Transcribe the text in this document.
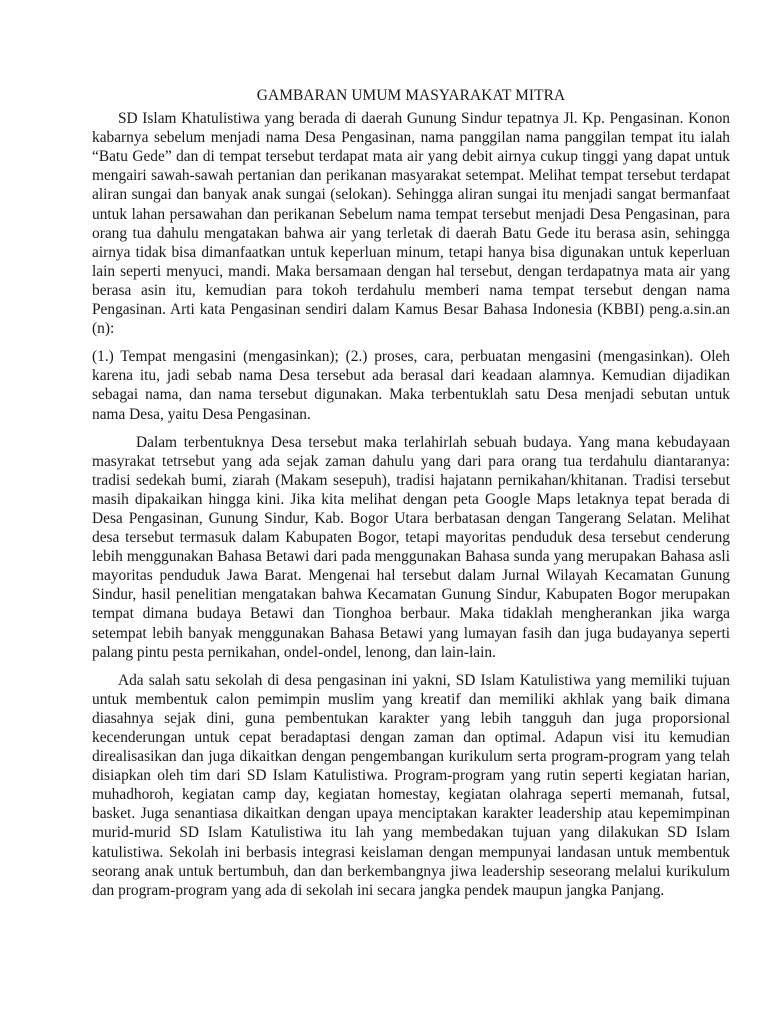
GAMBARAN UMUM MASYARAKAT MITRA

SD Islam Khatulistiwa yang berada di daerah Gunung Sindur tepatnya Jl. Kp. Pengasinan. Konon kabarnya sebelum menjadi nama Desa Pengasinan, nama panggilan nama panggilan tempat itu ialah “Batu Gede” dan di tempat tersebut terdapat mata air yang debit airnya cukup tinggi yang dapat untuk mengairi sawah-sawah pertanian dan perikanan masyarakat setempat. Melihat tempat tersebut terdapat aliran sungai dan banyak anak sungai (selokan). Sehingga aliran sungai itu menjadi sangat bermanfaat untuk lahan persawahan dan perikanan Sebelum nama tempat tersebut menjadi Desa Pengasinan, para orang tua dahulu mengatakan bahwa air yang terletak di daerah Batu Gede itu berasa asin, sehingga airnya tidak bisa dimanfaatkan untuk keperluan minum, tetapi hanya bisa digunakan untuk keperluan lain seperti menyuci, mandi. Maka bersamaan dengan hal tersebut, dengan terdapatnya mata air yang berasa asin itu, kemudian para tokoh terdahulu memberi nama tempat tersebut dengan nama Pengasinan. Arti kata Pengasinan sendiri dalam Kamus Besar Bahasa Indonesia (KBBI) peng.a.sin.an (n):

(1.) Tempat mengasini (mengasinkan); (2.) proses, cara, perbuatan mengasini (mengasinkan). Oleh karena itu, jadi sebab nama Desa tersebut ada berasal dari keadaan alamnya. Kemudian dijadikan sebagai nama, dan nama tersebut digunakan. Maka terbentuklah satu Desa menjadi sebutan untuk nama Desa, yaitu Desa Pengasinan.

Dalam terbentuknya Desa tersebut maka terlahirlah sebuah budaya. Yang mana kebudayaan masyrakat tetrsebut yang ada sejak zaman dahulu yang dari para orang tua terdahulu diantaranya: tradisi sedekah bumi, ziarah (Makam sesepuh), tradisi hajatann pernikahan/khitanan. Tradisi tersebut masih dipakaikan hingga kini. Jika kita melihat dengan peta Google Maps letaknya tepat berada di Desa Pengasinan, Gunung Sindur, Kab. Bogor Utara berbatasan dengan Tangerang Selatan. Melihat desa tersebut termasuk dalam Kabupaten Bogor, tetapi mayoritas penduduk desa tersebut cenderung lebih menggunakan Bahasa Betawi dari pada menggunakan Bahasa sunda yang merupakan Bahasa asli mayoritas penduduk Jawa Barat. Mengenai hal tersebut dalam Jurnal Wilayah Kecamatan Gunung Sindur, hasil penelitian mengatakan bahwa Kecamatan Gunung Sindur, Kabupaten Bogor merupakan tempat dimana budaya Betawi dan Tionghoa berbaur. Maka tidaklah mengherankan jika warga setempat lebih banyak menggunakan Bahasa Betawi yang lumayan fasih dan juga budayanya seperti palang pintu pesta pernikahan, ondel-ondel, lenong, dan lain-lain.

Ada salah satu sekolah di desa pengasinan ini yakni, SD Islam Katulistiwa yang memiliki tujuan untuk membentuk calon pemimpin muslim yang kreatif dan memiliki akhlak yang baik dimana diasahnya sejak dini, guna pembentukan karakter yang lebih tangguh dan juga proporsional kecenderungan untuk cepat beradaptasi dengan zaman dan optimal. Adapun visi itu kemudian direalisasikan dan juga dikaitkan dengan pengembangan kurikulum serta program-program yang telah disiapkan oleh tim dari SD Islam Katulistiwa. Program-program yang rutin seperti kegiatan harian, muhadhoroh, kegiatan camp day, kegiatan homestay, kegiatan olahraga seperti memanah, futsal, basket. Juga senantiasa dikaitkan dengan upaya menciptakan karakter leadership atau kepemimpinan murid-murid SD Islam Katulistiwa itu lah yang membedakan tujuan yang dilakukan SD Islam katulistiwa. Sekolah ini berbasis integrasi keislaman dengan mempunyai landasan untuk membentuk seorang anak untuk bertumbuh, dan dan berkembangnya jiwa leadership seseorang melalui kurikulum dan program-program yang ada di sekolah ini secara jangka pendek maupun jangka Panjang.
